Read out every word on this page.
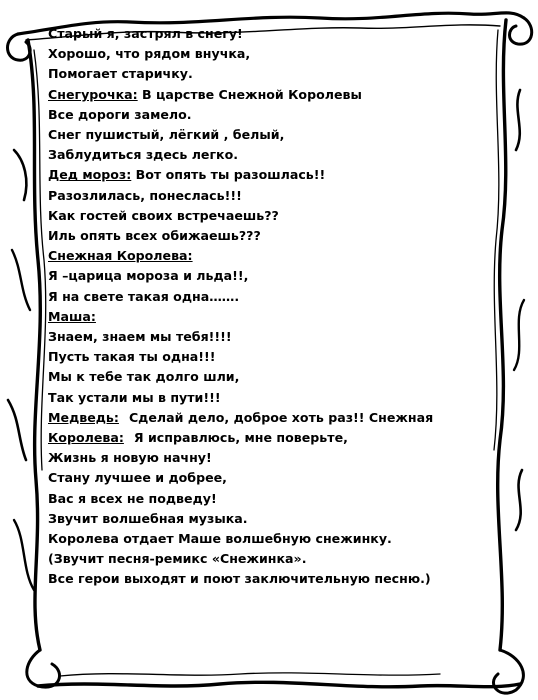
Старый я, застрял в снегу!
Хорошо, что рядом внучка,
Помогает старичку.
Снегурочка: В царстве Снежной Королевы
Все дороги замело.
Снег пушистый, лёгкий , белый,
Заблудиться здесь легко.
Дед мороз: Вот опять ты разошлась!!
Разозлилась, понеслась!!!
Как гостей своих встречаешь??
Иль опять всех обижаешь???
Снежная Королева:
Я –царица мороза и льда!!,
Я на свете такая одна…….
Маша:
Знаем, знаем мы тебя!!!!
Пусть такая ты одна!!!
Мы к тебе так долго шли,
Так устали мы в пути!!!
Медведь: Сделай дело, доброе хоть раз!! Снежная
Королева: Я исправлюсь, мне поверьте,
Жизнь я новую начну!
Стану лучшее и добрее,
Вас я всех не подведу!
Звучит волшебная музыка.
Королева отдает Маше волшебную снежинку.
(Звучит песня-ремикс «Снежинка».
Все герои выходят и поют заключительную песню.)
